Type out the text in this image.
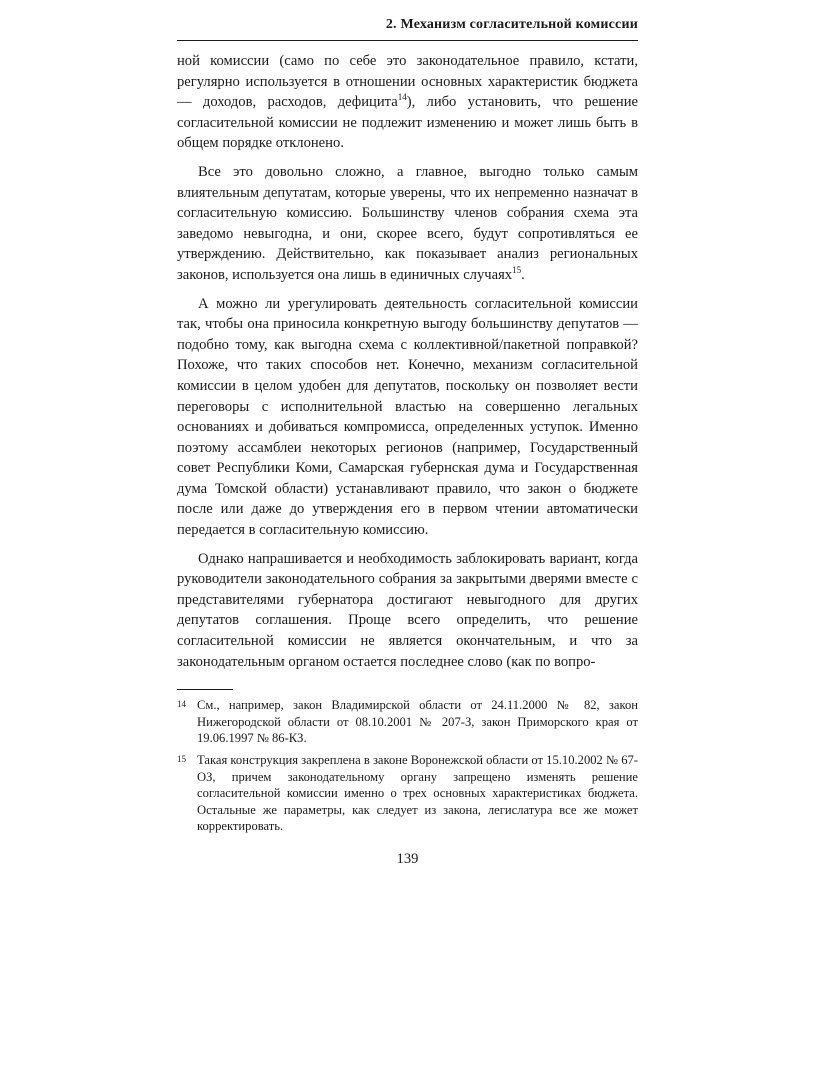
2. Механизм согласительной комиссии

ной комиссии (само по себе это законодательное правило, кстати, регулярно используется в отношении основных характеристик бюджета — доходов, расходов, дефицита$^{14}$), либо установить, что решение согласительной комиссии не подлежит изменению и может лишь быть в общем порядке отклонено.

Все это довольно сложно, а главное, выгодно только самым влиятельным депутатам, которые уверены, что их непременно назначат в согласительную комиссию. Большинству членов собрания схема эта заведомо невыгодна, и они, скорее всего, будут сопротивляться ее утверждению. Действительно, как показывает анализ региональных законов, используется она лишь в единичных случаях$^{15}$.

А можно ли урегулировать деятельность согласительной комиссии так, чтобы она приносила конкретную выгоду большинству депутатов — подобно тому, как выгодна схема с коллективной/пакетной поправкой? Похоже, что таких способов нет. Конечно, механизм согласительной комиссии в целом удобен для депутатов, поскольку он позволяет вести переговоры с исполнительной властью на совершенно легальных основаниях и добиваться компромисса, определенных уступок. Именно поэтому ассамблеи некоторых регионов (например, Государственный совет Республики Коми, Самарская губернская дума и Государственная дума Томской области) устанавливают правило, что закон о бюджете после или даже до утверждения его в первом чтении автоматически передается в согласительную комиссию.

Однако напрашивается и необходимость заблокировать вариант, когда руководители законодательного собрания за закрытыми дверями вместе с представителями губернатора достигают невыгодного для других депутатов соглашения. Проще всего определить, что решение согласительной комиссии не является окончательным, и что за законодательным органом остается последнее слово (как по вопро-

14 См., например, закон Владимирской области от 24.11.2000 № 82, закон Нижегородской области от 08.10.2001 № 207-З, закон Приморского края от 19.06.1997 № 86-КЗ.
15 Такая конструкция закреплена в законе Воронежской области от 15.10.2002 № 67-ОЗ, причем законодательному органу запрещено изменять решение согласительной комиссии именно о трех основных характеристиках бюджета. Остальные же параметры, как следует из закона, легислатура все же может корректировать.
139
